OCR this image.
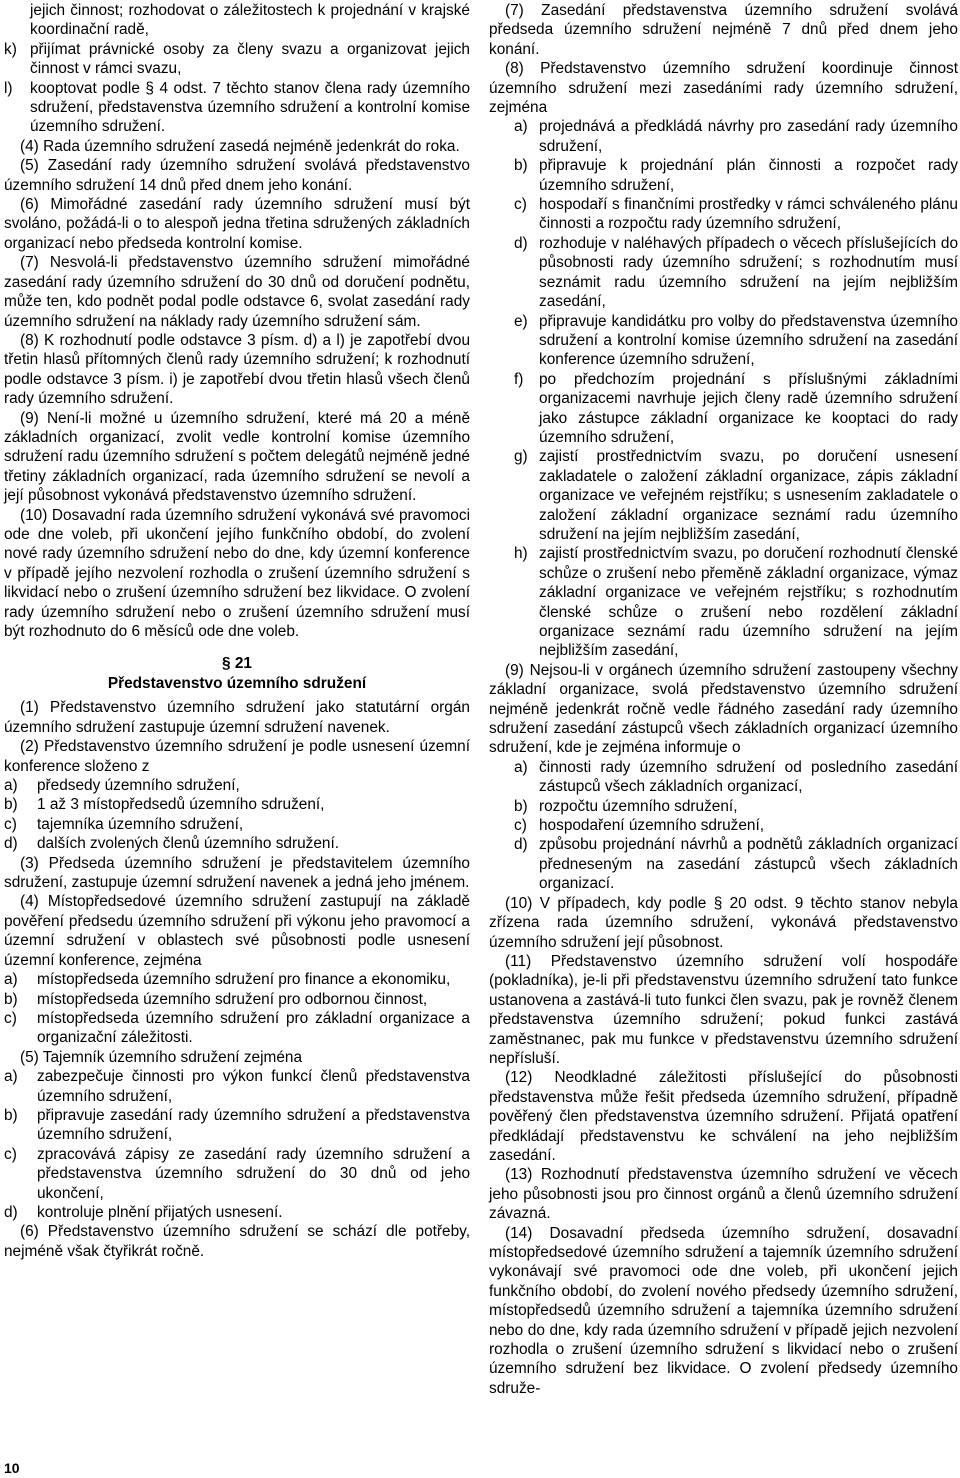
jejich činnost; rozhodovat o záležitostech k projednání v krajské koordinační radě,

k) přijímat právnické osoby za členy svazu a organizovat jejich činnost v rámci svazu,
l)	kooptovat podle § 4 odst. 7 těchto stanov člena rady územního sdružení, představenstva územního sdružení a kontrolní komise územního sdružení.

(4) Rada územního sdružení zasedá nejméně jedenkrát do roka.

(5) Zasedání rady územního sdružení svolává představenstvo územního sdružení 14 dnů před dnem jeho konání.

(6) Mimořádné zasedání rady územního sdružení musí být svoláno, požádá-li o to alespoň jedna třetina sdružených základních organizací nebo předseda kontrolní komise.

(7) Nesvolá-li představenstvo územního sdružení mimořádné zasedání rady územního sdružení do 30 dnů od doručení podnětu, může ten, kdo podnět podal podle odstavce 6, svolat zasedání rady územního sdružení na náklady rady územního sdružení sám.

(8) K rozhodnutí podle odstavce 3 písm. d) a l) je zapotřebí dvou třetin hlasů přítomných členů rady územního sdružení; k rozhodnutí podle odstavce 3 písm. i) je zapotřebí dvou třetin hlasů všech členů rady územního sdružení.

(9) Není-li možné u územního sdružení, které má 20 a méně základních organizací, zvolit vedle kontrolní komise územního sdružení radu územního sdružení s počtem delegátů nejméně jedné třetiny základních organizací, rada územního sdružení se nevolí a její působnost vykonává představenstvo územního sdružení.

(10) Dosavadní rada územního sdružení vykonává své pravomoci ode dne voleb, při ukončení jejího funkčního období, do zvolení nové rady územního sdružení nebo do dne, kdy územní konference v případě jejího nezvolení rozhodla o zrušení územního sdružení s likvidací nebo o zrušení územního sdružení bez likvidace. O zvolení rady územního sdružení nebo o zrušení územního sdružení musí být rozhodnuto do 6 měsíců ode dne voleb.

§ 21
Představenstvo územního sdružení

(1) Představenstvo územního sdružení jako statutární orgán územního sdružení zastupuje územní sdružení navenek.

(2) Představenstvo územního sdružení je podle usnesení územní konference složeno z

a)	předsedy územního sdružení,
b)	1 až 3 místopředsedů územního sdružení,
c)	tajemníka územního sdružení,
d)	dalších zvolených členů územního sdružení.

(3) Předseda územního sdružení je představitelem územního sdružení, zastupuje územní sdružení navenek a jedná jeho jménem.

(4) Místopředsedové územního sdružení zastupují na základě pověření předsedu územního sdružení při výkonu jeho pravomocí a územní sdružení v oblastech své působnosti podle usnesení územní konference, zejména

a)	místopředseda územního sdružení pro finance a ekonomiku,
b)	místopředseda územního sdružení pro odbornou činnost,
c)	místopředseda územního sdružení pro základní organizace a organizační záležitosti.

(5) Tajemník územního sdružení zejména

a)	zabezpečuje činnosti pro výkon funkcí členů představenstva územního sdružení,
b)	připravuje zasedání rady územního sdružení a představenstva územního sdružení,
c)	zpracovává zápisy ze zasedání rady územního sdružení a představenstva územního sdružení do 30 dnů od jeho ukončení,
d)	kontroluje plnění přijatých usnesení.

(6) Představenstvo územního sdružení se schází dle potřeby, nejméně však čtyřikrát ročně.

(7) Zasedání představenstva územního sdružení svolává předseda územního sdružení nejméně 7 dnů před dnem jeho konání.

(8) Představenstvo územního sdružení koordinuje činnost územního sdružení mezi zasedáními rady územního sdružení, zejména

a) projednává a předkládá návrhy pro zasedání rady územního sdružení,
b) připravuje k projednání plán činnosti a rozpočet rady územního sdružení,
c) hospodaří s finančními prostředky v rámci schváleného plánu činnosti a rozpočtu rady územního sdružení,
d) rozhoduje v naléhavých případech o věcech příslušejících do působnosti rady územního sdružení; s rozhodnutím musí seznámit radu územního sdružení na jejím nejbližším zasedání,
e) připravuje kandidátku pro volby do představenstva územního sdružení a kontrolní komise územního sdružení na zasedání konference územního sdružení,
f)	po předchozím projednání s příslušnými základními organizacemi navrhuje jejich členy radě územního sdružení jako zástupce základní organizace ke kooptaci do rady územního sdružení,
g) zajistí prostřednictvím svazu, po doručení usnesení zakladatele o založení základní organizace, zápis základní organizace ve veřejném rejstříku; s usnesením zakladatele o založení základní organizace seznámí radu územního sdružení na jejím nejbližším zasedání,
h) zajistí prostřednictvím svazu, po doručení rozhodnutí členské schůze o zrušení nebo přeměně základní organizace, výmaz základní organizace ve veřejném rejstříku; s rozhodnutím členské schůze o zrušení nebo rozdělení základní organizace seznámí radu územního sdružení na jejím nejbližším zasedání,

(9) Nejsou-li v orgánech územního sdružení zastoupeny všechny základní organizace, svolá představenstvo územního sdružení nejméně jedenkrát ročně vedle řádného zasedání rady územního sdružení zasedání zástupců všech základních organizací územního sdružení, kde je zejména informuje o

a) činnosti rady územního sdružení od posledního zasedání zástupců všech základních organizací,
b) rozpočtu územního sdružení,
c) hospodaření územního sdružení,
d) způsobu projednání návrhů a podnětů základních organizací předneseným na zasedání zástupců všech základních organizací.

(10) V případech, kdy podle § 20 odst. 9 těchto stanov nebyla zřízena rada územního sdružení, vykonává představenstvo územního sdružení její působnost.

(11) Představenstvo územního sdružení volí hospodáře (pokladníka), je-li při představenstvu územního sdružení tato funkce ustanovena a zastává-li tuto funkci člen svazu, pak je rovněž členem představenstva územního sdružení; pokud funkci zastává zaměstnanec, pak mu funkce v představenstvu územního sdružení nepřísluší.

(12) Neodkladné záležitosti příslušející do působnosti představenstva může řešit předseda územního sdružení, případně pověřený člen představenstva územního sdružení. Přijatá opatření předkládají představenstvu ke schválení na jeho nejbližším zasedání.

(13) Rozhodnutí představenstva územního sdružení ve věcech jeho působnosti jsou pro činnost orgánů a členů územního sdružení závazná.

(14) Dosavadní předseda územního sdružení, dosavadní místopředsedové územního sdružení a tajemník územního sdružení vykonávají své pravomoci ode dne voleb, při ukončení jejich funkčního období, do zvolení nového předsedy územního sdružení, místopředsedů územního sdružení a tajemníka územního sdružení nebo do dne, kdy rada územního sdružení v případě jejich nezvolení rozhodla o zrušení územního sdružení s likvidací nebo o zrušení územního sdružení bez likvidace. O zvolení předsedy územního sdruže-

10
